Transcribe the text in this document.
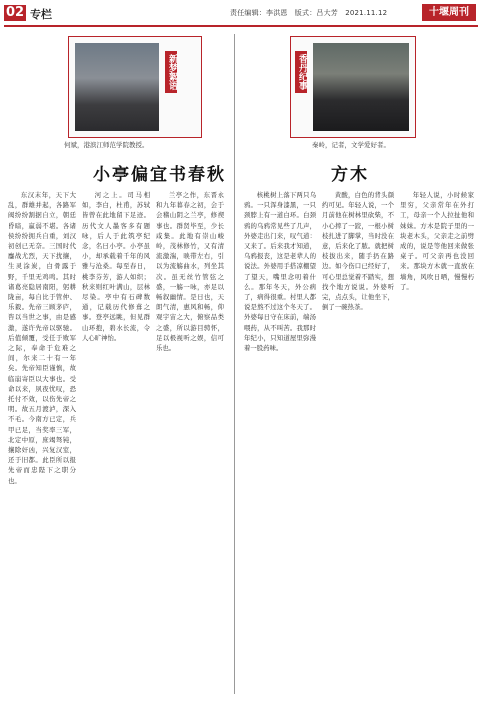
02 专栏	责任编辑：李洪恩　版式：吕大芳　2021.11.12	十堰周刊
新梦絮语
何斌，港滨江师范学院教授。
小亭偏宜书春秋

东汉末年，天下大乱，群雄并起，各路军阀纷纷割据自立，朝廷昏暗，羸弱不堪。各诸侯纷纷拥兵自重，刘汉初创已无奈。三国时代鏖战尤烈，天下扰攘，生灵涂炭，白骨露于野，千里无鸡鸣。其时诸葛亮隐居南阳，躬耕陇亩，每自比于管仲、乐毅。先帝三顾茅庐，咨以当世之事，由是感激，遂许先帝以驱驰。后值倾覆，受任于败军之际，奉命于危难之间，尔来二十有一年矣。先帝知臣谨慎，故临崩寄臣以大事也。受命以来，夙夜忧叹，恐托付不效，以伤先帝之明。故五月渡泸，深入不毛。今南方已定，兵甲已足，当奖率三军，北定中原，庶竭驽钝，攘除奸凶，兴复汉室，还于旧都。此臣所以报先帝而忠陛下之职分也。

河之上。司马相如，李白，杜甫，苏轼皆曾在此地留下足迹。历代文人墨客多有题咏，后人于此筑亭纪念，名曰小亭。小亭虽小，却承载着千年的风雅与沧桑。每至春日，桃李芬芳，游人如织；秋来则红叶满山，层林尽染。亭中有石碑数通，记载历代修葺之事。登亭远眺，但见群山环抱，碧水长流，令人心旷神怡。

兰亭之作，东晋永和九年暮春之初，会于会稽山阴之兰亭，修禊事也。群贤毕至，少长咸集。此地有崇山峻岭，茂林修竹，又有清流激湍，映带左右，引以为流觞曲水，列坐其次。虽无丝竹管弦之盛，一觞一咏，亦足以畅叙幽情。是日也，天朗气清，惠风和畅，仰观宇宙之大，俯察品类之盛，所以游目骋怀，足以极视听之娱，信可乐也。

香丹纪事
秦岭，记者，文学爱好者。
方木

核桃树上落下两只乌鸦。一只浑身漆黑，一只颈脖上有一道白环。白颈鸦的乌鸦常见些了几声，外婆走出门来，叹气道：又来了。后来我才知道，乌鸦报丧，这是老辈人的说法。外婆用手搭凉棚望了望天，嘴里念叨着什么。那年冬天，外公病了，病得很重。村里人都说是熬不过这个冬天了。外婆每日守在床前，端汤喂药，从不叫苦。我那时年纪小，只知道屋里弥漫着一股药味。

黄酸，白色的背头颜约可见。年轻人说，一个月前他在树林里砍柴，不小心摔了一跤，一根小树枝扎进了脚掌，当时没在意，后来化了脓。就把树枝拔出来，随手扔在路边。如今伤口已经好了，可心里总觉着不踏实，想找个地方说说。外婆听完，点点头，让他坐下，倒了一碗热茶。

年轻人说，小时候家里穷，父亲常年在外打工，母亲一个人拉扯他和妹妹。方木是院子里的一块老木头，父亲走之前劈成的，说是等他回来做张桌子。可父亲再也没回来。那块方木就一直放在墙角，风吹日晒，慢慢朽了。
